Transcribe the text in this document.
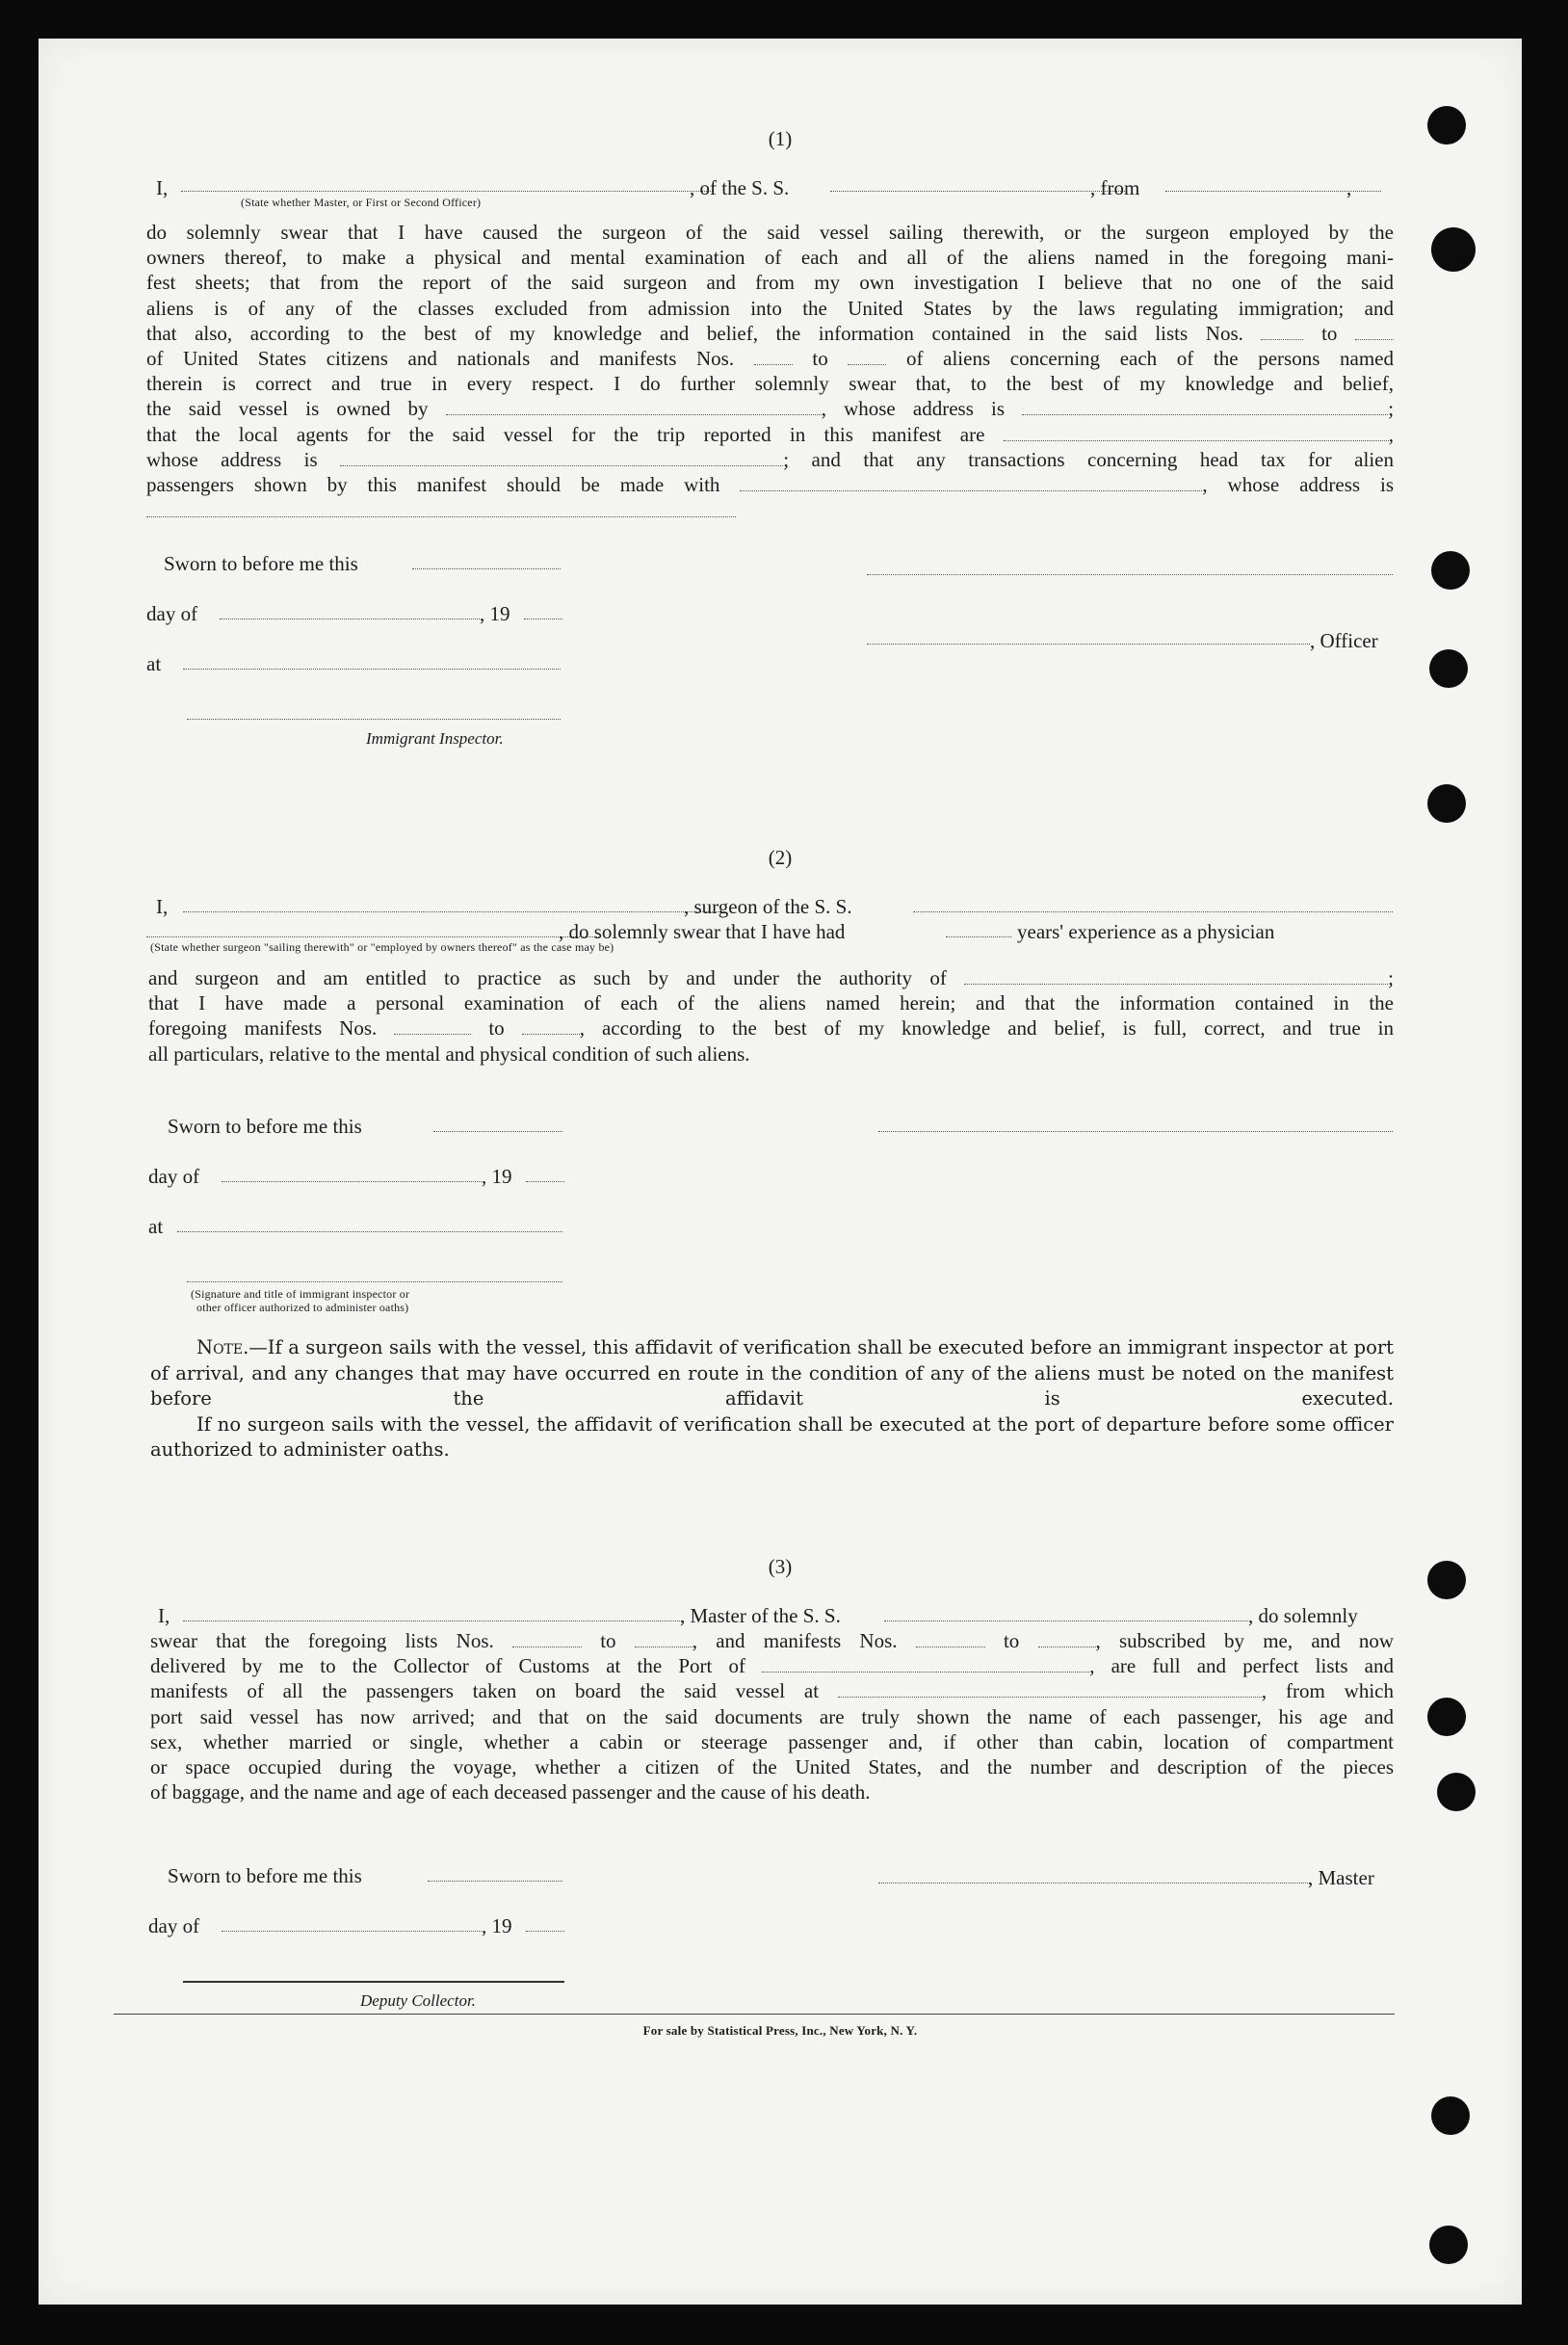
(1)
I,	, of the S. S.	, from	,
(State whether Master, or First or Second Officer)

do solemnly swear that I have caused the surgeon of the said vessel sailing therewith, or the surgeon employed by the

owners thereof, to make a physical and mental examination of each and all of the aliens named in the foregoing mani-

fest sheets; that from the report of the said surgeon and from my own investigation I believe that no one of the said

aliens is of any of the classes excluded from admission into the United States by the laws regulating immigration; and

that also, according to the best of my knowledge and belief, the information contained in the said lists Nos.	to

of United States citizens and nationals and manifests Nos.	to	of aliens concerning each of the persons named

therein is correct and true in every respect. I do further solemnly swear that, to the best of my knowledge and belief,

the said vessel is owned by	, whose address is	;

that the local agents for the said vessel for the trip reported in this manifest are	,

whose address is	; and that any transactions concerning head tax for alien

passengers shown by this manifest should be made with	, whose address is

Sworn to before me this
day of	, 19
, Officer
at
Immigrant Inspector.
(2)
I,	, surgeon of the S. S.
, do solemnly swear that I have had	years' experience as a physician
(State whether surgeon "sailing therewith" or "employed by owners thereof" as the case may be)

and surgeon and am entitled to practice as such by and under the authority of	;

that I have made a personal examination of each of the aliens named herein; and that the information contained in the

foregoing manifests Nos.	to	, according to the best of my knowledge and belief, is full, correct, and true in

all particulars, relative to the mental and physical condition of such aliens.

Sworn to before me this
day of	, 19
at
(Signature and title of immigrant inspector or
other officer authorized to administer oaths)

Note.—If a surgeon sails with the vessel, this affidavit of verification shall be executed before an immigrant inspector at port of arrival, and any changes that may have occurred en route in the condition of any of the aliens must be noted on the manifest before the affidavit is executed.

If no surgeon sails with the vessel, the affidavit of verification shall be executed at the port of departure before some officer authorized to administer oaths.

(3)
I,	, Master of the S. S.	, do solemnly

swear that the foregoing lists Nos.	to	, and manifests Nos.	to	, subscribed by me, and now

delivered by me to the Collector of Customs at the Port of	, are full and perfect lists and

manifests of all the passengers taken on board the said vessel at	, from which

port said vessel has now arrived; and that on the said documents are truly shown the name of each passenger, his age and

sex, whether married or single, whether a cabin or steerage passenger and, if other than cabin, location of compartment

or space occupied during the voyage, whether a citizen of the United States, and the number and description of the pieces

of baggage, and the name and age of each deceased passenger and the cause of his death.

Sworn to before me this	, Master
day of	, 19
Deputy Collector.
For sale by Statistical Press, Inc., New York, N. Y.
